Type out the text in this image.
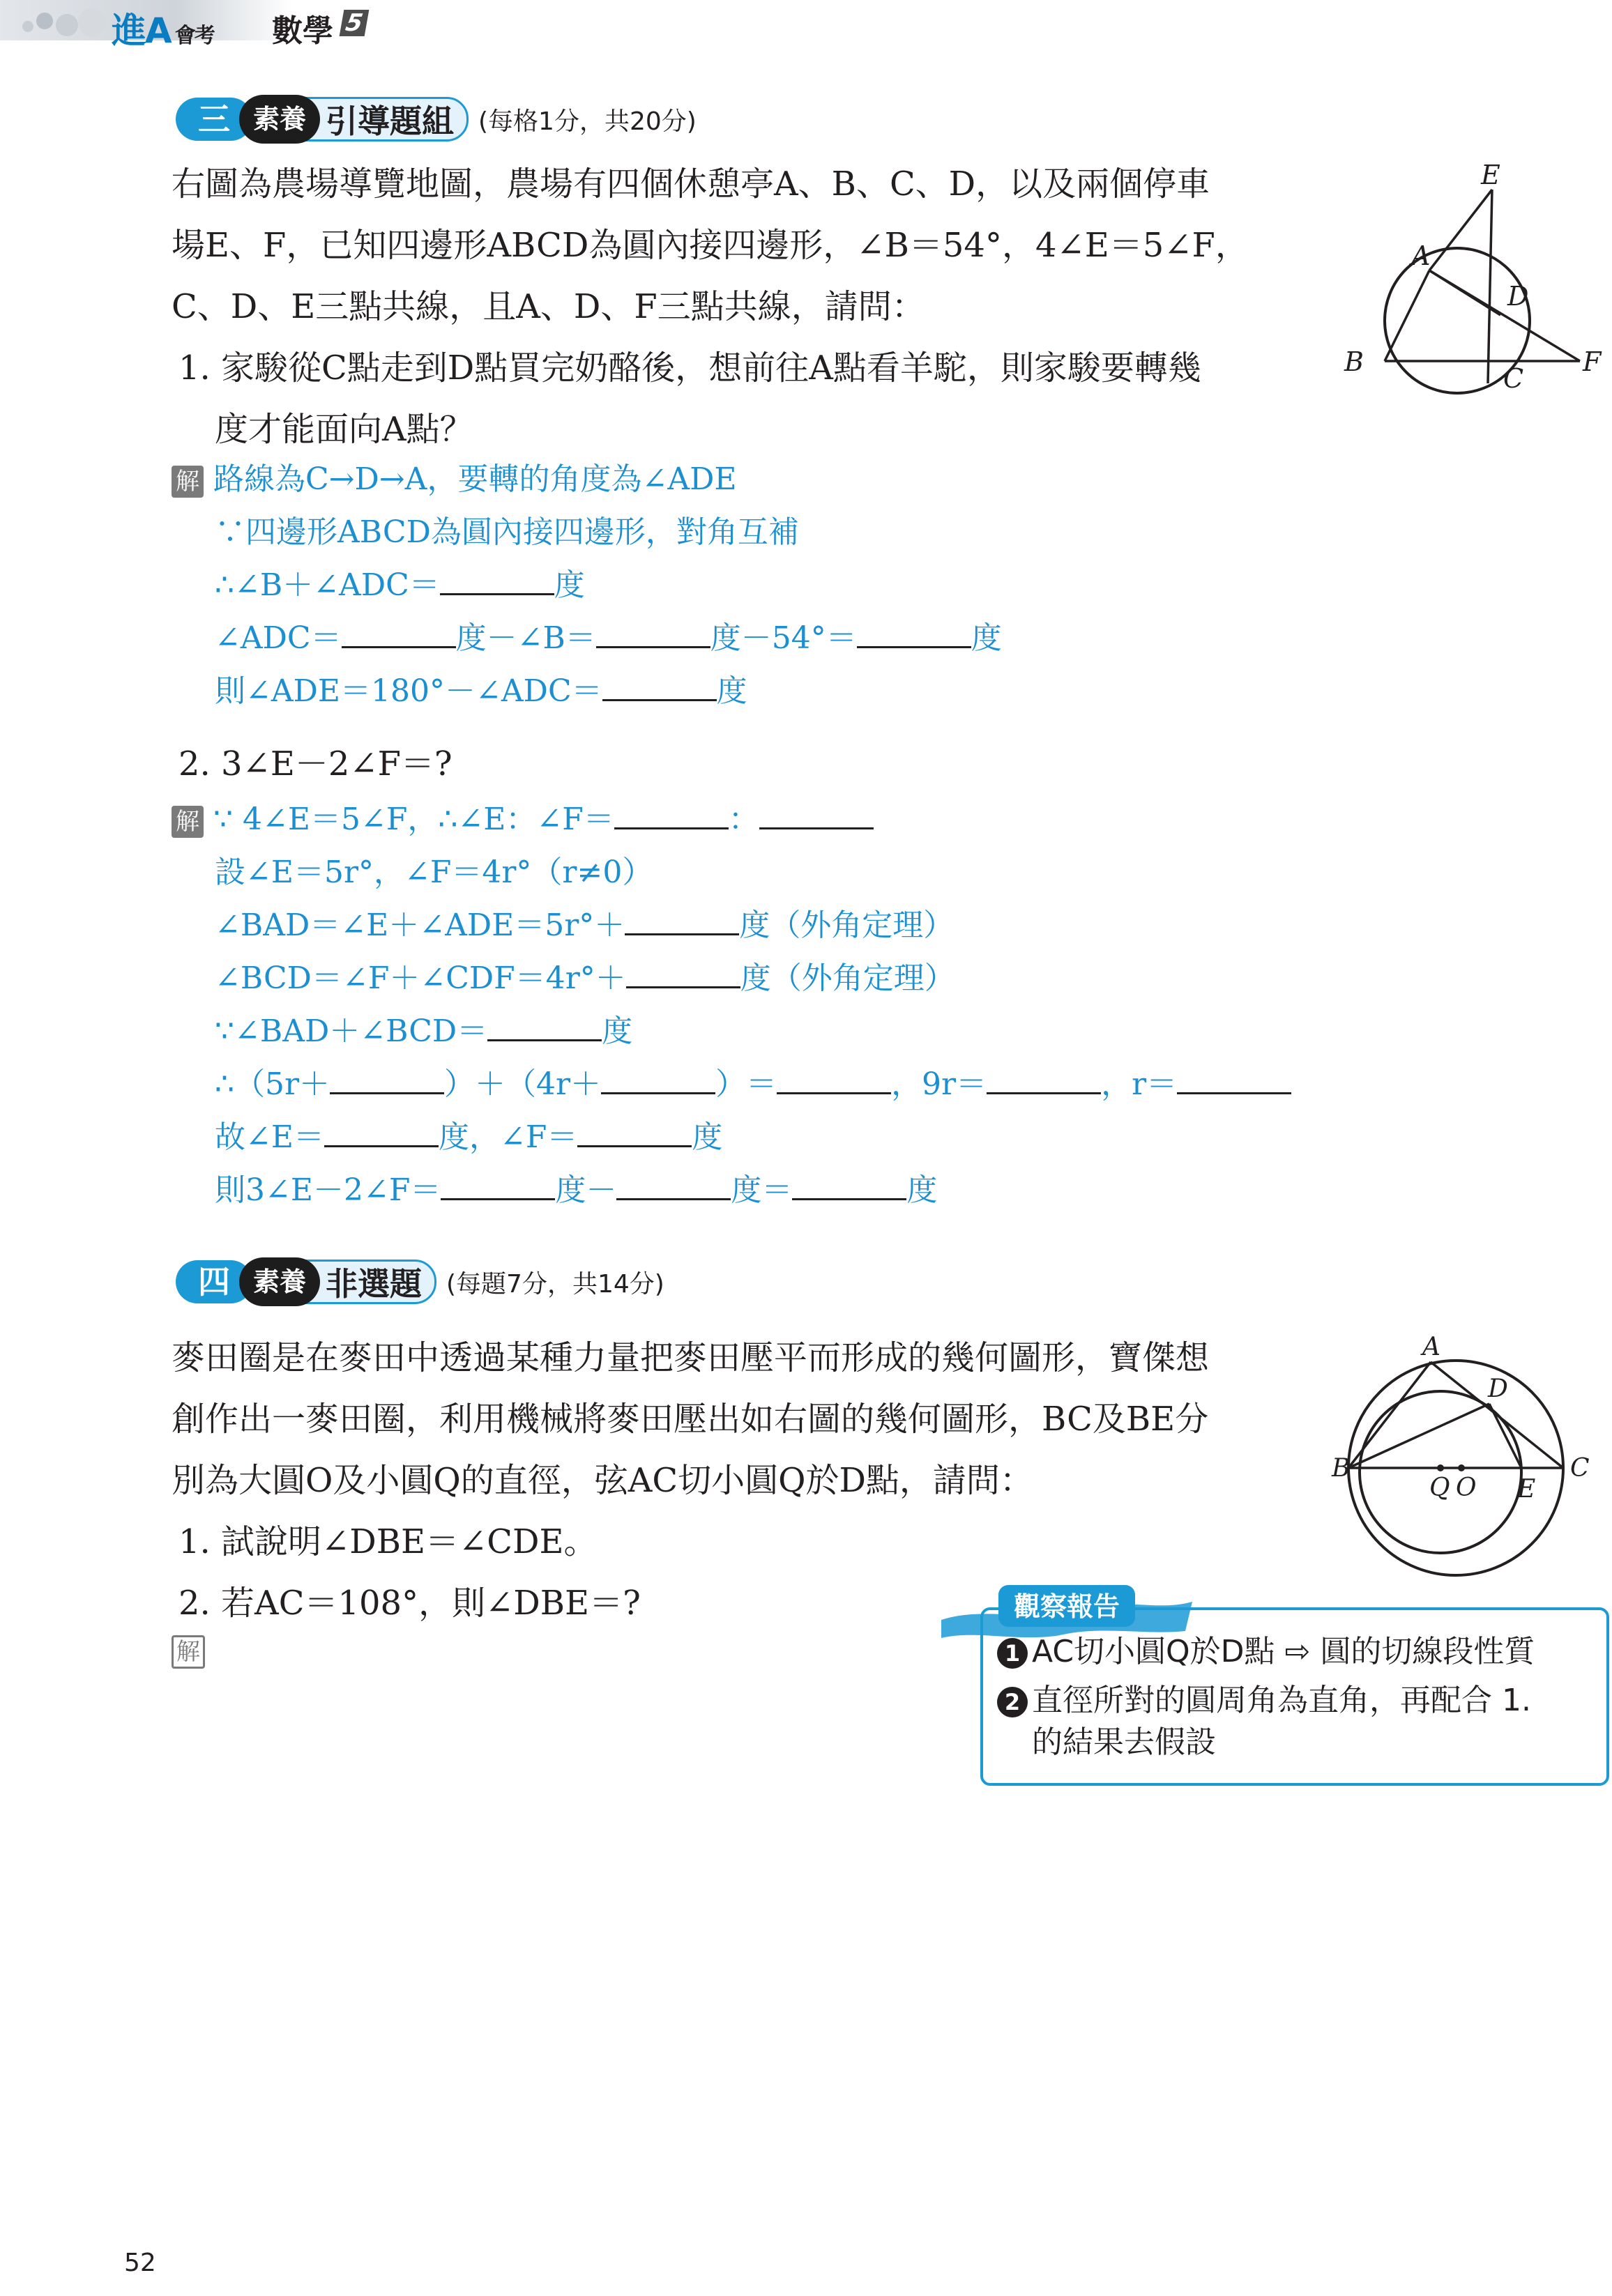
進A 會考 數學 5
三 素養 引導題組 (每格1分，共20分)
右圖為農場導覽地圖，農場有四個休憩亭A、B、C、D，以及兩個停車
場E、F，已知四邊形ABCD為圓內接四邊形，∠B＝54°，4∠E＝5∠F，
C、D、E三點共線，且A、D、F三點共線，請問：
1. 家駿從C點走到D點買完奶酪後，想前往A點看羊駝，則家駿要轉幾
度才能面向A點？
E
A
D
B
C
F
解 路線為C→D→A，要轉的角度為∠ADE
∵四邊形ABCD為圓內接四邊形，對角互補
∴∠B＋∠ADC＝	度
∠ADC＝	度－∠B＝	度－54°＝	度
則∠ADE＝180°－∠ADC＝	度
2. 3∠E－2∠F＝?
解 ∵ 4∠E＝5∠F，∴∠E：∠F＝	：
設∠E＝5r°，∠F＝4r°（r≠0）
∠BAD＝∠E＋∠ADE＝5r°＋	度（外角定理）
∠BCD＝∠F＋∠CDF＝4r°＋	度（外角定理）
∵∠BAD＋∠BCD＝	度
∴（5r＋	）＋（4r＋	）＝	，9r＝	，r＝
故∠E＝	度，∠F＝	度
則3∠E－2∠F＝	度－	度＝	度
四 素養 非選題 (每題7分，共14分)
麥田圈是在麥田中透過某種力量把麥田壓平而形成的幾何圖形，寶傑想
創作出一麥田圈，利用機械將麥田壓出如右圖的幾何圖形，BC及BE分
別為大圓O及小圓Q的直徑，弦AC切小圓Q於D點，請問：
1. 試說明∠DBE＝∠CDE。
2. 若AC＝108°，則∠DBE＝?
解
A
D
B	C
Q O E
1 AC切小圓Q於D點 ⇨ 圓的切線段性質
2 直徑所對的圓周角為直角，再配合 1.
的結果去假設
觀察報告
52
